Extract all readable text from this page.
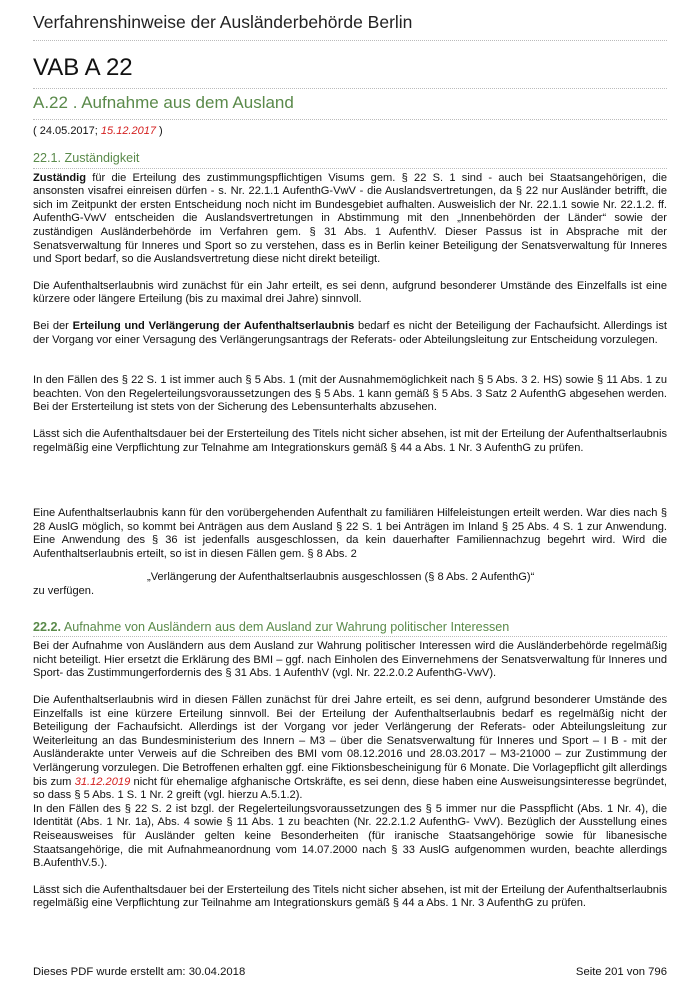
Verfahrenshinweise der Ausländerbehörde Berlin
VAB A 22
A.22 . Aufnahme aus dem Ausland
( 24.05.2017; 15.12.2017 )
22.1. Zuständigkeit

Zuständig für die Erteilung des zustimmungspflichtigen Visums gem. § 22 S. 1 sind - auch bei Staatsangehörigen, die ansonsten visafrei einreisen dürfen - s. Nr. 22.1.1 AufenthG-VwV - die Auslandsvertretungen, da § 22 nur Ausländer betrifft, die sich im Zeitpunkt der ersten Entscheidung noch nicht im Bundesgebiet aufhalten. Ausweislich der Nr. 22.1.1 sowie Nr. 22.1.2. ff. AufenthG-VwV entscheiden die Auslandsvertretungen in Abstimmung mit den „Innenbehörden der Länder“ sowie der zuständigen Ausländerbehörde im Verfahren gem. § 31 Abs. 1 AufenthV. Dieser Passus ist in Absprache mit der Senatsverwaltung für Inneres und Sport so zu verstehen, dass es in Berlin keiner Beteiligung der Senatsverwaltung für Inneres und Sport bedarf, so die Auslandsvertretung diese nicht direkt beteiligt.

Die Aufenthaltserlaubnis wird zunächst für ein Jahr erteilt, es sei denn, aufgrund besonderer Umstände des Einzelfalls ist eine kürzere oder längere Erteilung (bis zu maximal drei Jahre) sinnvoll.

Bei der Erteilung und Verlängerung der Aufenthaltserlaubnis bedarf es nicht der Beteiligung der Fachaufsicht. Allerdings ist der Vorgang vor einer Versagung des Verlängerungsantrags der Referats- oder Abteilungsleitung zur Entscheidung vorzulegen.

In den Fällen des § 22 S. 1 ist immer auch § 5 Abs. 1 (mit der Ausnahmemöglichkeit nach § 5 Abs. 3 2. HS) sowie § 11 Abs. 1 zu beachten. Von den Regelerteilungsvoraussetzungen des § 5 Abs. 1 kann gemäß § 5 Abs. 3 Satz 2 AufenthG abgesehen werden. Bei der Ersterteilung ist stets von der Sicherung des Lebensunterhalts abzusehen.

Lässt sich die Aufenthaltsdauer bei der Ersterteilung des Titels nicht sicher absehen, ist mit der Erteilung der Aufenthaltserlaubnis regelmäßig eine Verpflichtung zur Telnahme am Integrationskurs gemäß § 44 a Abs. 1 Nr. 3 AufenthG zu prüfen.

Eine Aufenthaltserlaubnis kann für den vorübergehenden Aufenthalt zu familiären Hilfeleistungen erteilt werden. War dies nach § 28 AuslG möglich, so kommt bei Anträgen aus dem Ausland § 22 S. 1 bei Anträgen im Inland § 25 Abs. 4 S. 1 zur Anwendung. Eine Anwendung des § 36 ist jedenfalls ausgeschlossen, da kein dauerhafter Familiennachzug begehrt wird. Wird die Aufenthaltserlaubnis erteilt, so ist in diesen Fällen gem. § 8 Abs. 2

„Verlängerung der Aufenthaltserlaubnis ausgeschlossen (§ 8 Abs. 2 AufenthG)“

zu verfügen.

22.2. Aufnahme von Ausländern aus dem Ausland zur Wahrung politischer Interessen

Bei der Aufnahme von Ausländern aus dem Ausland zur Wahrung politischer Interessen wird die Ausländerbehörde regelmäßig nicht beteiligt. Hier ersetzt die Erklärung des BMI – ggf. nach Einholen des Einvernehmens der Senatsverwaltung für Inneres und Sport- das Zustimmungerfordernis des § 31 Abs. 1 AufenthV (vgl. Nr. 22.2.0.2 AufenthG-VwV).

Die Aufenthaltserlaubnis wird in diesen Fällen zunächst für drei Jahre erteilt, es sei denn, aufgrund besonderer Umstände des Einzelfalls ist eine kürzere Erteilung sinnvoll. Bei der Erteilung der Aufenthaltserlaubnis bedarf es regelmäßig nicht der Beteiligung der Fachaufsicht. Allerdings ist der Vorgang vor jeder Verlängerung der Referats- oder Abteilungsleitung zur Weiterleitung an das Bundesministerium des Innern – M3 – über die Senatsverwaltung für Inneres und Sport – I B - mit der Ausländerakte unter Verweis auf die Schreiben des BMI vom 08.12.2016 und 28.03.2017 – M3-21000 – zur Zustimmung der Verlängerung vorzulegen. Die Betroffenen erhalten ggf. eine Fiktionsbescheinigung für 6 Monate. Die Vorlagepflicht gilt allerdings bis zum 31.12.2019 nicht für ehemalige afghanische Ortskräfte, es sei denn, diese haben eine Ausweisungsinteresse begründet, so dass § 5 Abs. 1 S. 1 Nr. 2 greift (vgl. hierzu A.5.1.2).

In den Fällen des § 22 S. 2 ist bzgl. der Regelerteilungsvoraussetzungen des § 5 immer nur die Passpflicht (Abs. 1 Nr. 4), die Identität (Abs. 1 Nr. 1a), Abs. 4 sowie § 11 Abs. 1 zu beachten (Nr. 22.2.1.2 AufenthG- VwV). Bezüglich der Ausstellung eines Reiseausweises für Ausländer gelten keine Besonderheiten (für iranische Staatsangehörige sowie für libanesische Staatsangehörige, die mit Aufnahmeanordnung vom 14.07.2000 nach § 33 AuslG aufgenommen wurden, beachte allerdings B.AufenthV.5.).

Lässt sich die Aufenthaltsdauer bei der Ersterteilung des Titels nicht sicher absehen, ist mit der Erteilung der Aufenthaltserlaubnis regelmäßig eine Verpflichtung zur Teilnahme am Integrationskurs gemäß § 44 a Abs. 1 Nr. 3 AufenthG zu prüfen.

Dieses PDF wurde erstellt am: 30.04.2018	Seite 201 von 796
